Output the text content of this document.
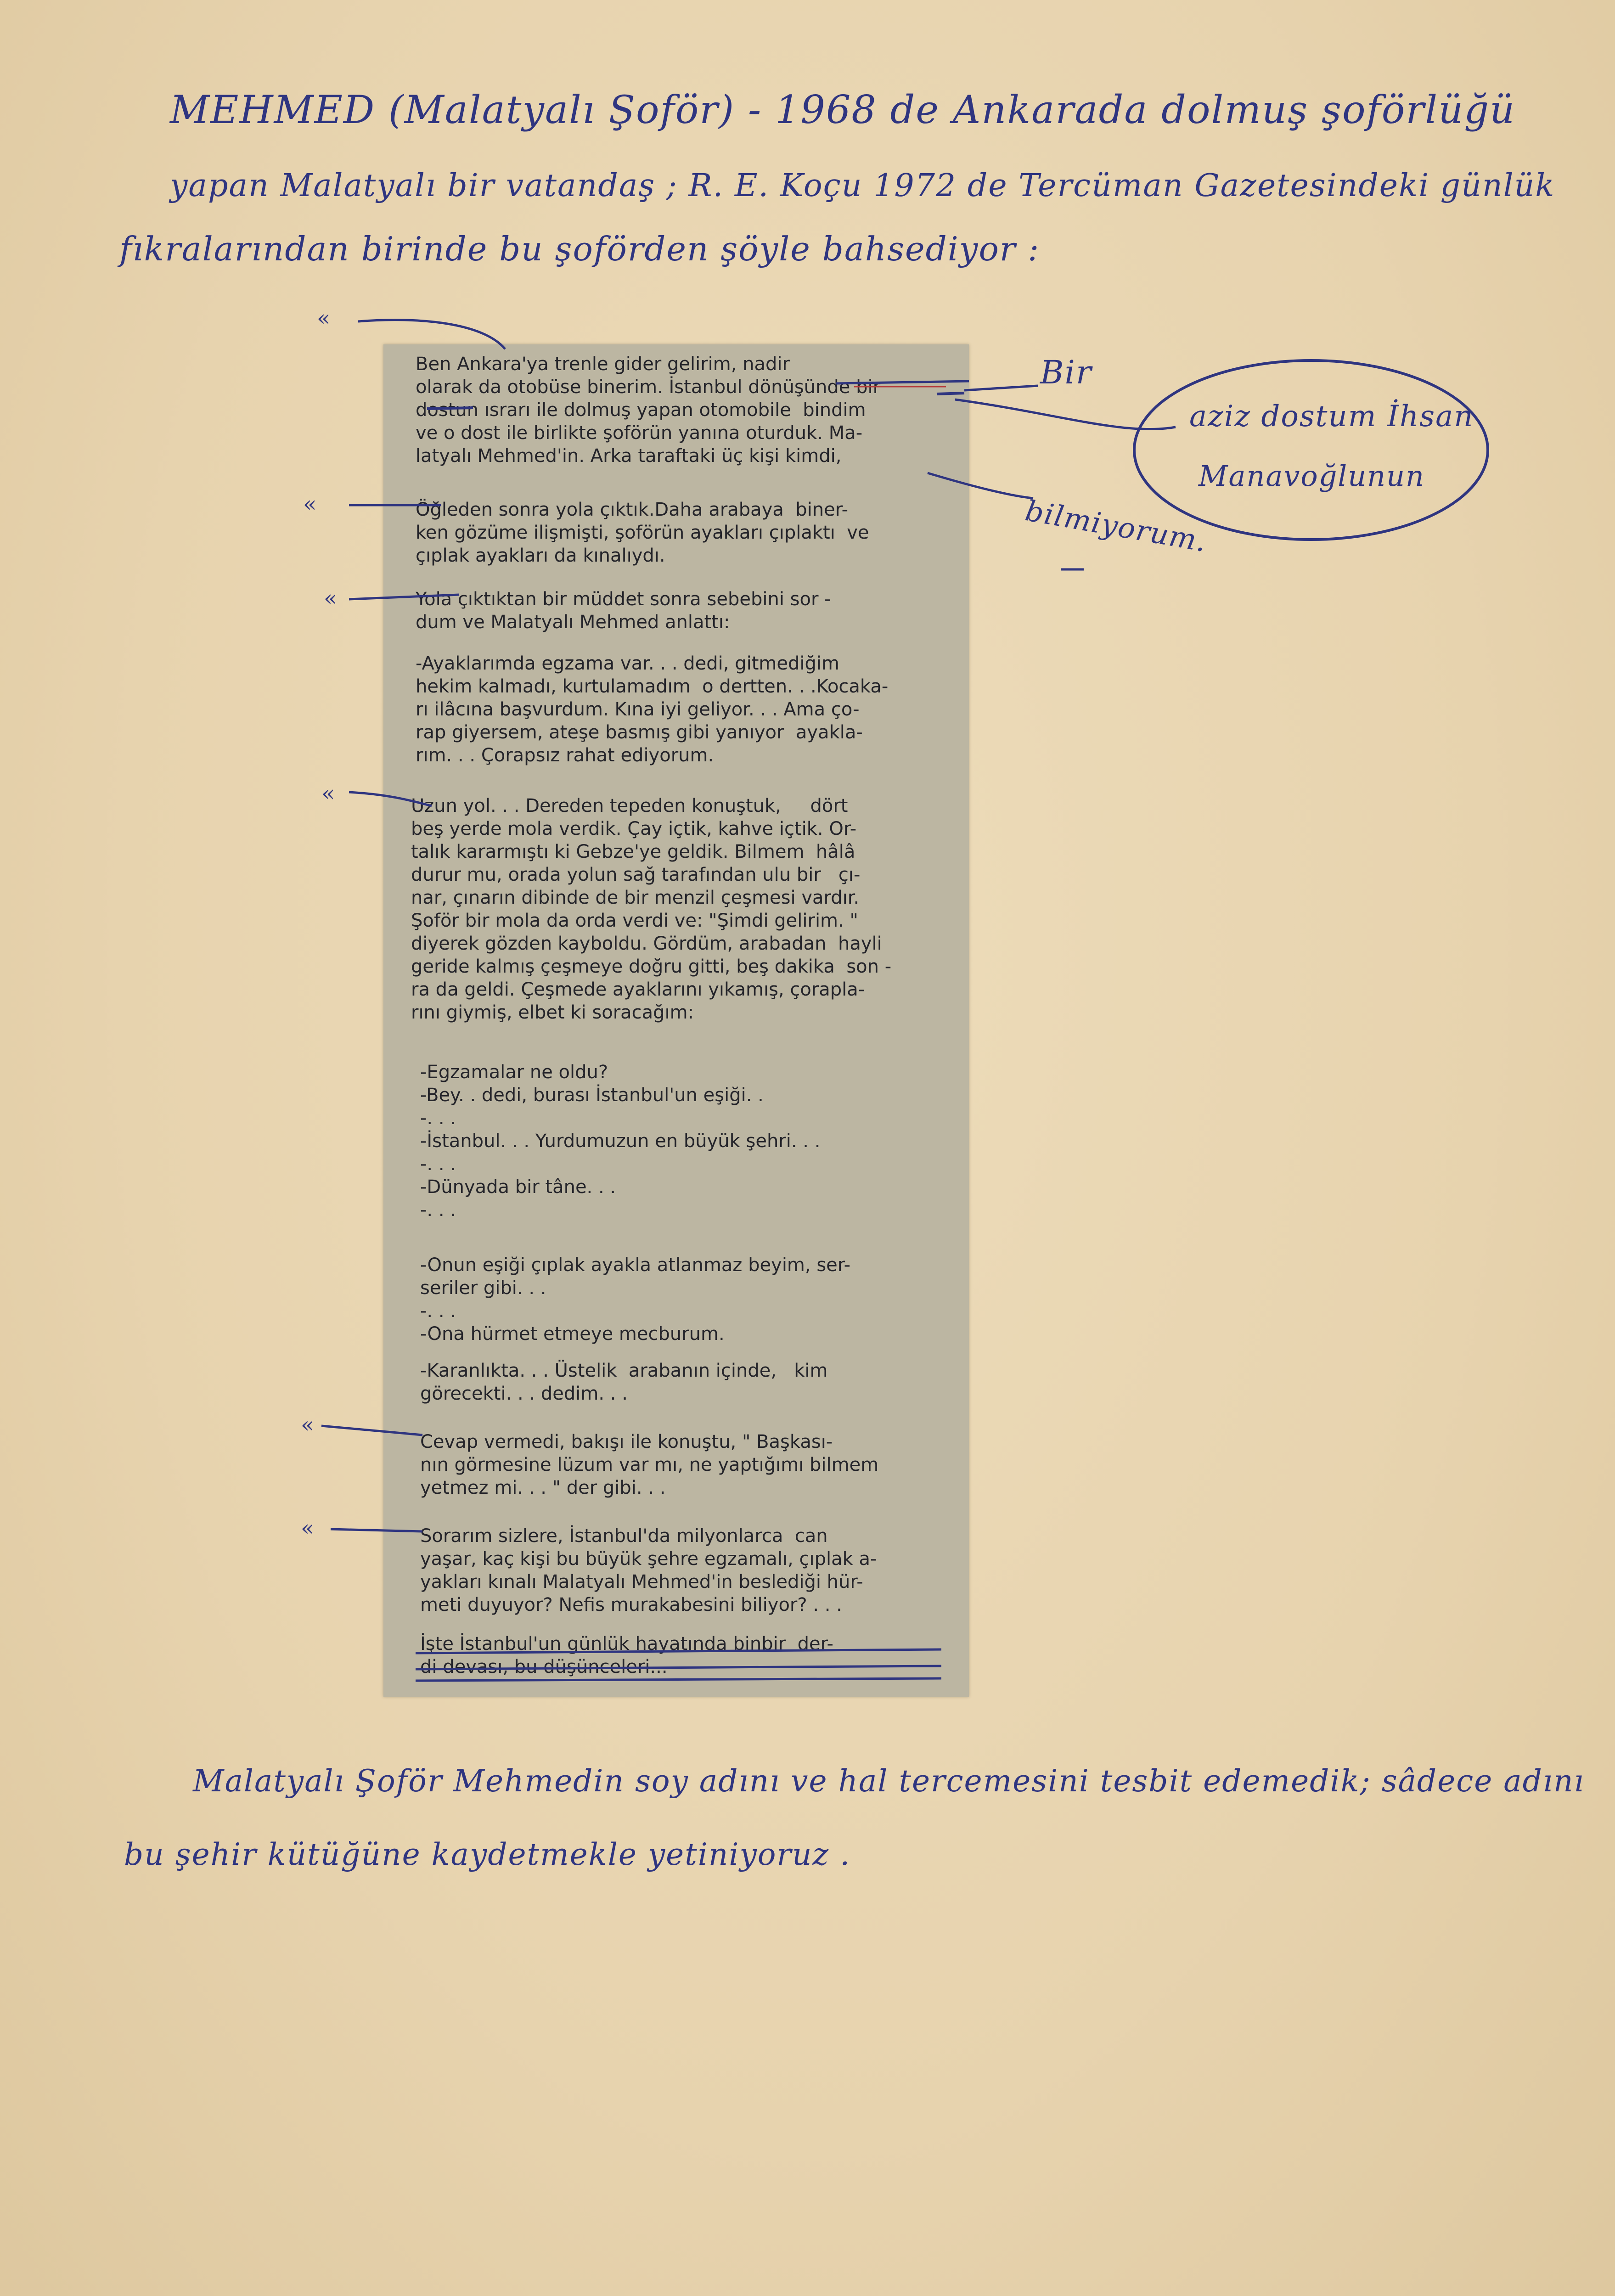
MEHMED (Malatyalı Şoför) - 1968 de Ankarada dolmuş şoförlüğü
yapan Malatyalı bir vatandaş ; R. E. Koçu 1972 de Tercüman Gazetesindeki günlük
fıkralarından birinde bu şoförden şöyle bahsediyor :
Ben Ankara'ya trenle gider gelirim, nadir
olarak da otobüse binerim. İstanbul dönüşünde bir
dostun ısrarı ile dolmuş yapan otomobile  bindim
ve o dost ile birlikte şoförün yanına oturduk. Ma-
latyalı Mehmed'in. Arka taraftaki üç kişi kimdi,
Öğleden sonra yola çıktık.Daha arabaya  biner-
ken gözüme ilişmişti, şoförün ayakları çıplaktı  ve
çıplak ayakları da kınalıydı.
Yola çıktıktan bir müddet sonra sebebini sor -
dum ve Malatyalı Mehmed anlattı:
-Ayaklarımda egzama var. . . dedi, gitmediğim
hekim kalmadı, kurtulamadım  o dertten. . .Kocaka-
rı ilâcına başvurdum. Kına iyi geliyor. . . Ama ço-
rap giyersem, ateşe basmış gibi yanıyor  ayakla-
rım. . . Çorapsız rahat ediyorum.
Uzun yol. . . Dereden tepeden konuştuk,     dört
beş yerde mola verdik. Çay içtik, kahve içtik. Or-
talık kararmıştı ki Gebze'ye geldik. Bilmem  hâlâ
durur mu, orada yolun sağ tarafından ulu bir   çı-
nar, çınarın dibinde de bir menzil çeşmesi vardır.
Şoför bir mola da orda verdi ve: "Şimdi gelirim. "
diyerek gözden kayboldu. Gördüm, arabadan  hayli
geride kalmış çeşmeye doğru gitti, beş dakika  son -
ra da geldi. Çeşmede ayaklarını yıkamış, çorapla-
rını giymiş, elbet ki soracağım:
-Egzamalar ne oldu?
-Bey. . dedi, burası İstanbul'un eşiği. .
-. . .
-İstanbul. . . Yurdumuzun en büyük şehri. . .
-. . .
-Dünyada bir tâne. . .
-. . .
-Onun eşiği çıplak ayakla atlanmaz beyim, ser-
seriler gibi. . .
-. . .
-Ona hürmet etmeye mecburum.
-Karanlıkta. . . Üstelik  arabanın içinde,   kim
görecekti. . . dedim. . .
Cevap vermedi, bakışı ile konuştu, " Başkası-
nın görmesine lüzum var mı, ne yaptığımı bilmem
yetmez mi. . . " der gibi. . .
Sorarım sizlere, İstanbul'da milyonlarca  can
yaşar, kaç kişi bu büyük şehre egzamalı, çıplak a-
yakları kınalı Malatyalı Mehmed'in beslediği hür-
meti duyuyor? Nefis murakabesini biliyor? . . .
İşte İstanbul'un günlük hayatında binbir  der-
di devası, bu düşünceleri...
«
«
«
«
«
«
Bir
aziz dostum İhsan
Manavoğlunun
bilmiyorum.
Malatyalı Şoför Mehmedin soy adını ve hal tercemesini tesbit edemedik; sâdece adını
bu şehir kütüğüne kaydetmekle yetiniyoruz .
